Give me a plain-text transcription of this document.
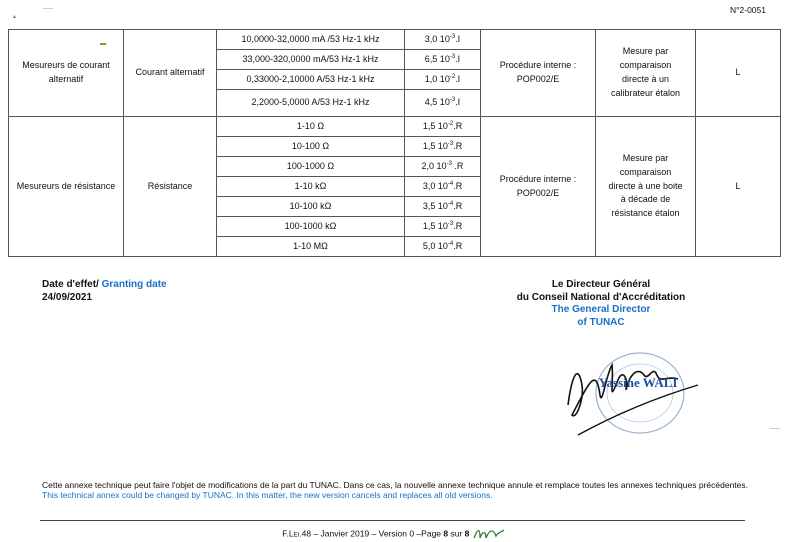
N°2-0051
▴
▬
Mesureurs de courant alternatif	Courant alternatif	10,0000-32,0000 mA /53 Hz-1 kHz	3,0 $10^{-3}.I$	Procédure interne :
POP002/E	Mesure par
comparaison
directe à un
calibrateur étalon	L
		33,000-320,0000 mA/53 Hz-1 kHz	6,5 $10^{-3}.I$			
		0,33000-2,10000 A/53 Hz-1 kHz	1,0 $10^{-2}.I$			
		2,2000-5,0000 A/53 Hz-1 kHz	4,5 $10^{-3}.I$			
Mesureurs de résistance	Résistance	1-10 Ω	1,5 $10^{-2}.R$	Procédure interne :
POP002/E	Mesure par
comparaison
directe à une boite
à décade de
résistance étalon	L
		10-100 Ω	1,5 $10^{-3}.R$			
		100-1000 Ω	2,0 $10^{-3}$ .R			
		1-10 kΩ	3,0 $10^{-4}.R$			
		10-100 kΩ	3,5 $10^{-4}.R$			
		100-1000 kΩ	1,5 $10^{-3}.R$			
		1-10 MΩ	5,0 $10^{-4}.R$			
Date d'effet/ Granting date
24/09/2021
Le Directeur Général
du Conseil National d'Accréditation
The General Director
of TUNAC
Yassine WALI
Cette annexe technique peut faire l'objet de modifications de la part du TUNAC. Dans ce cas, la nouvelle annexe technique annule et remplace toutes les annexes techniques précédentes.
This technical annex could be changed by TUNAC. In this matter, the new version cancels and replaces all old versions.
F.LEI.48 – Janvier 2019 – Version 0 –Page 8 sur 8
